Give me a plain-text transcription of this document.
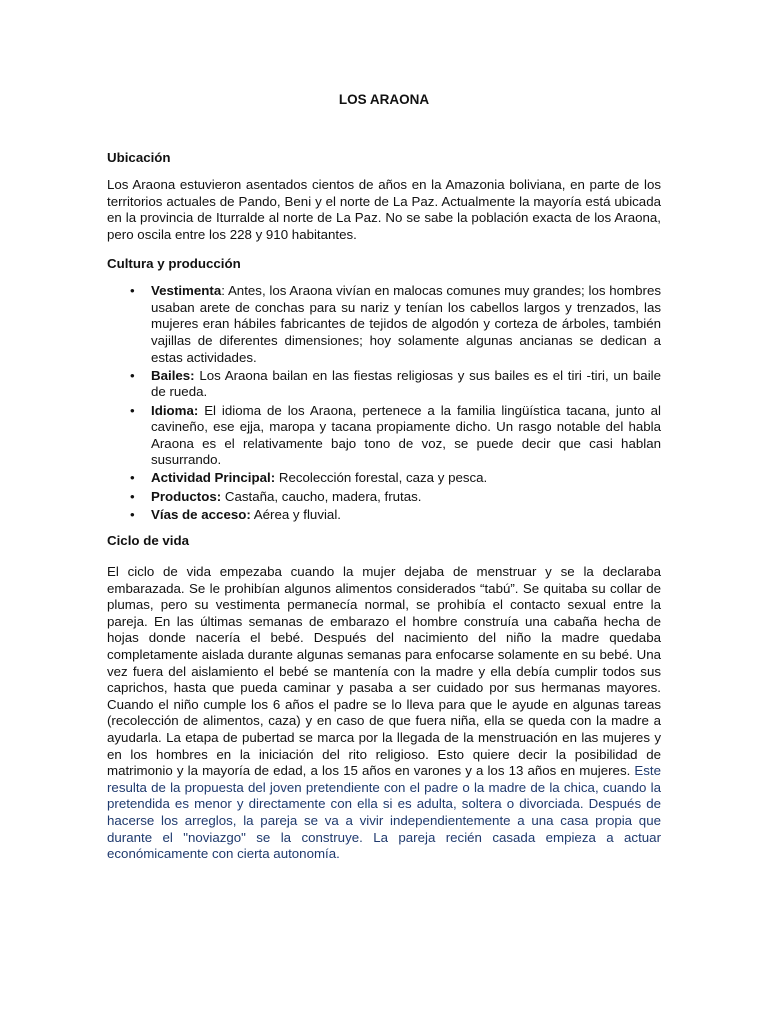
LOS ARAONA
Ubicación
Los Araona estuvieron asentados cientos de años en la Amazonia boliviana, en parte de los territorios actuales de Pando, Beni y el norte de La Paz. Actualmente la mayoría está ubicada en la provincia de Iturralde al norte de La Paz. No se sabe la población exacta de los Araona, pero oscila entre los 228 y 910 habitantes.
Cultura y producción
• Vestimenta: Antes, los Araona vivían en malocas comunes muy grandes; los hombres usaban arete de conchas para su nariz y tenían los cabellos largos y trenzados, las mujeres eran hábiles fabricantes de tejidos de algodón y corteza de árboles, también vajillas de diferentes dimensiones; hoy solamente algunas ancianas se dedican a estas actividades.
• Bailes: Los Araona bailan en las fiestas religiosas y sus bailes es el tiri -tiri, un baile de rueda.
• Idioma: El idioma de los Araona, pertenece a la familia lingüística tacana, junto al cavineño, ese ejja, maropa y tacana propiamente dicho. Un rasgo notable del habla Araona es el relativamente bajo tono de voz, se puede decir que casi hablan susurrando.
• Actividad Principal: Recolección forestal, caza y pesca.
• Productos: Castaña, caucho, madera, frutas.
• Vías de acceso: Aérea y fluvial.
Ciclo de vida
El ciclo de vida empezaba cuando la mujer dejaba de menstruar y se la declaraba embarazada. Se le prohibían algunos alimentos considerados “tabú”. Se quitaba su collar de plumas, pero su vestimenta permanecía normal, se prohibía el contacto sexual entre la pareja. En las últimas semanas de embarazo el hombre construía una cabaña hecha de hojas donde nacería el bebé. Después del nacimiento del niño la madre quedaba completamente aislada durante algunas semanas para enfocarse solamente en su bebé. Una vez fuera del aislamiento el bebé se mantenía con la madre y ella debía cumplir todos sus caprichos, hasta que pueda caminar y pasaba a ser cuidado por sus hermanas mayores. Cuando el niño cumple los 6 años el padre se lo lleva para que le ayude en algunas tareas (recolección de alimentos, caza) y en caso de que fuera niña, ella se queda con la madre a ayudarla. La etapa de pubertad se marca por la llegada de la menstruación en las mujeres y en los hombres en la iniciación del rito religioso. Esto quiere decir la posibilidad de matrimonio y la mayoría de edad, a los 15 años en varones y a los 13 años en mujeres. Este resulta de la propuesta del joven pretendiente con el padre o la madre de la chica, cuando la pretendida es menor y directamente con ella si es adulta, soltera o divorciada. Después de hacerse los arreglos, la pareja se va a vivir independientemente a una casa propia que durante el "noviazgo" se la construye. La pareja recién casada empieza a actuar económicamente con cierta autonomía.
